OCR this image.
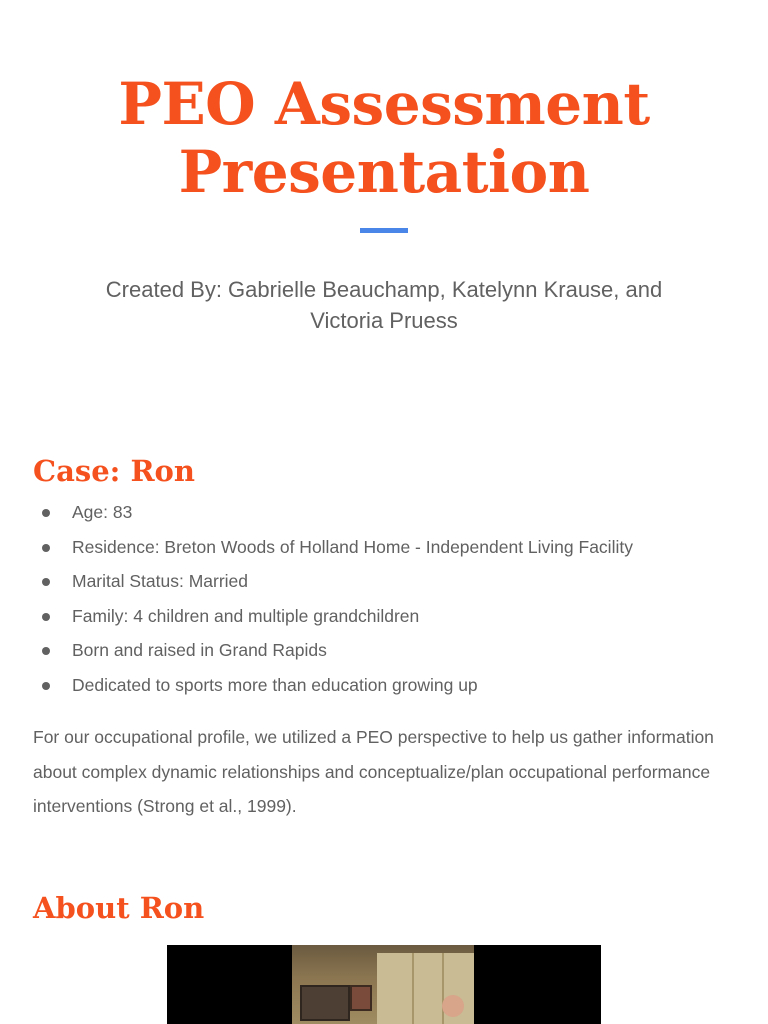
PEO Assessment
Presentation

Created By: Gabrielle Beauchamp, Katelynn Krause, and
Victoria Pruess

Case: Ron
Age: 83
Residence: Breton Woods of Holland Home - Independent Living Facility
Marital Status: Married
Family: 4 children and multiple grandchildren
Born and raised in Grand Rapids
Dedicated to sports more than education growing up

For our occupational profile, we utilized a PEO perspective to help us gather information about complex dynamic relationships and conceptualize/plan occupational performance interventions (Strong et al., 1999).

About Ron
